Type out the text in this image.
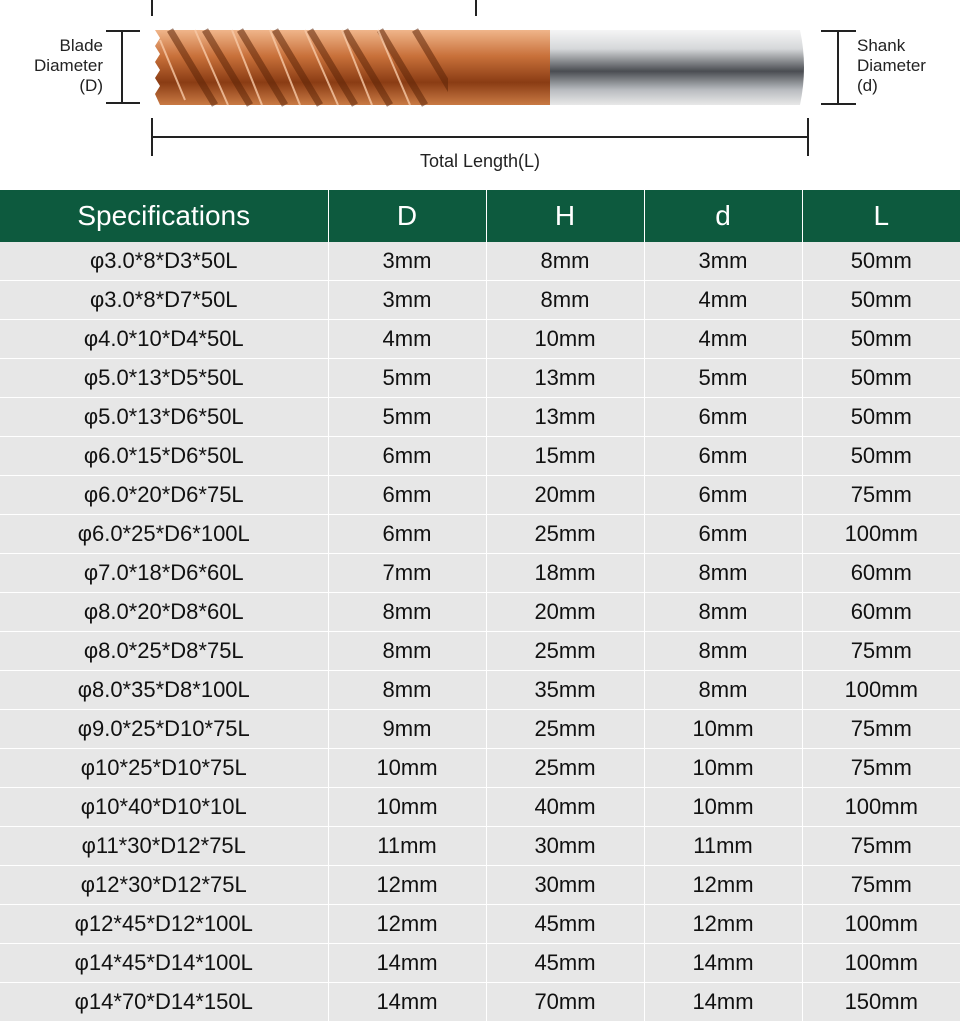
Blade
Diameter
(D)
Shank
Diameter
(d)
Total Length(L)
Specifications	D	H	d	L
φ3.0*8*D3*50L	3mm	8mm	3mm	50mm
φ3.0*8*D7*50L	3mm	8mm	4mm	50mm
φ4.0*10*D4*50L	4mm	10mm	4mm	50mm
φ5.0*13*D5*50L	5mm	13mm	5mm	50mm
φ5.0*13*D6*50L	5mm	13mm	6mm	50mm
φ6.0*15*D6*50L	6mm	15mm	6mm	50mm
φ6.0*20*D6*75L	6mm	20mm	6mm	75mm
φ6.0*25*D6*100L	6mm	25mm	6mm	100mm
φ7.0*18*D6*60L	7mm	18mm	8mm	60mm
φ8.0*20*D8*60L	8mm	20mm	8mm	60mm
φ8.0*25*D8*75L	8mm	25mm	8mm	75mm
φ8.0*35*D8*100L	8mm	35mm	8mm	100mm
φ9.0*25*D10*75L	9mm	25mm	10mm	75mm
φ10*25*D10*75L	10mm	25mm	10mm	75mm
φ10*40*D10*10L	10mm	40mm	10mm	100mm
φ11*30*D12*75L	11mm	30mm	11mm	75mm
φ12*30*D12*75L	12mm	30mm	12mm	75mm
φ12*45*D12*100L	12mm	45mm	12mm	100mm
φ14*45*D14*100L	14mm	45mm	14mm	100mm
φ14*70*D14*150L	14mm	70mm	14mm	150mm
